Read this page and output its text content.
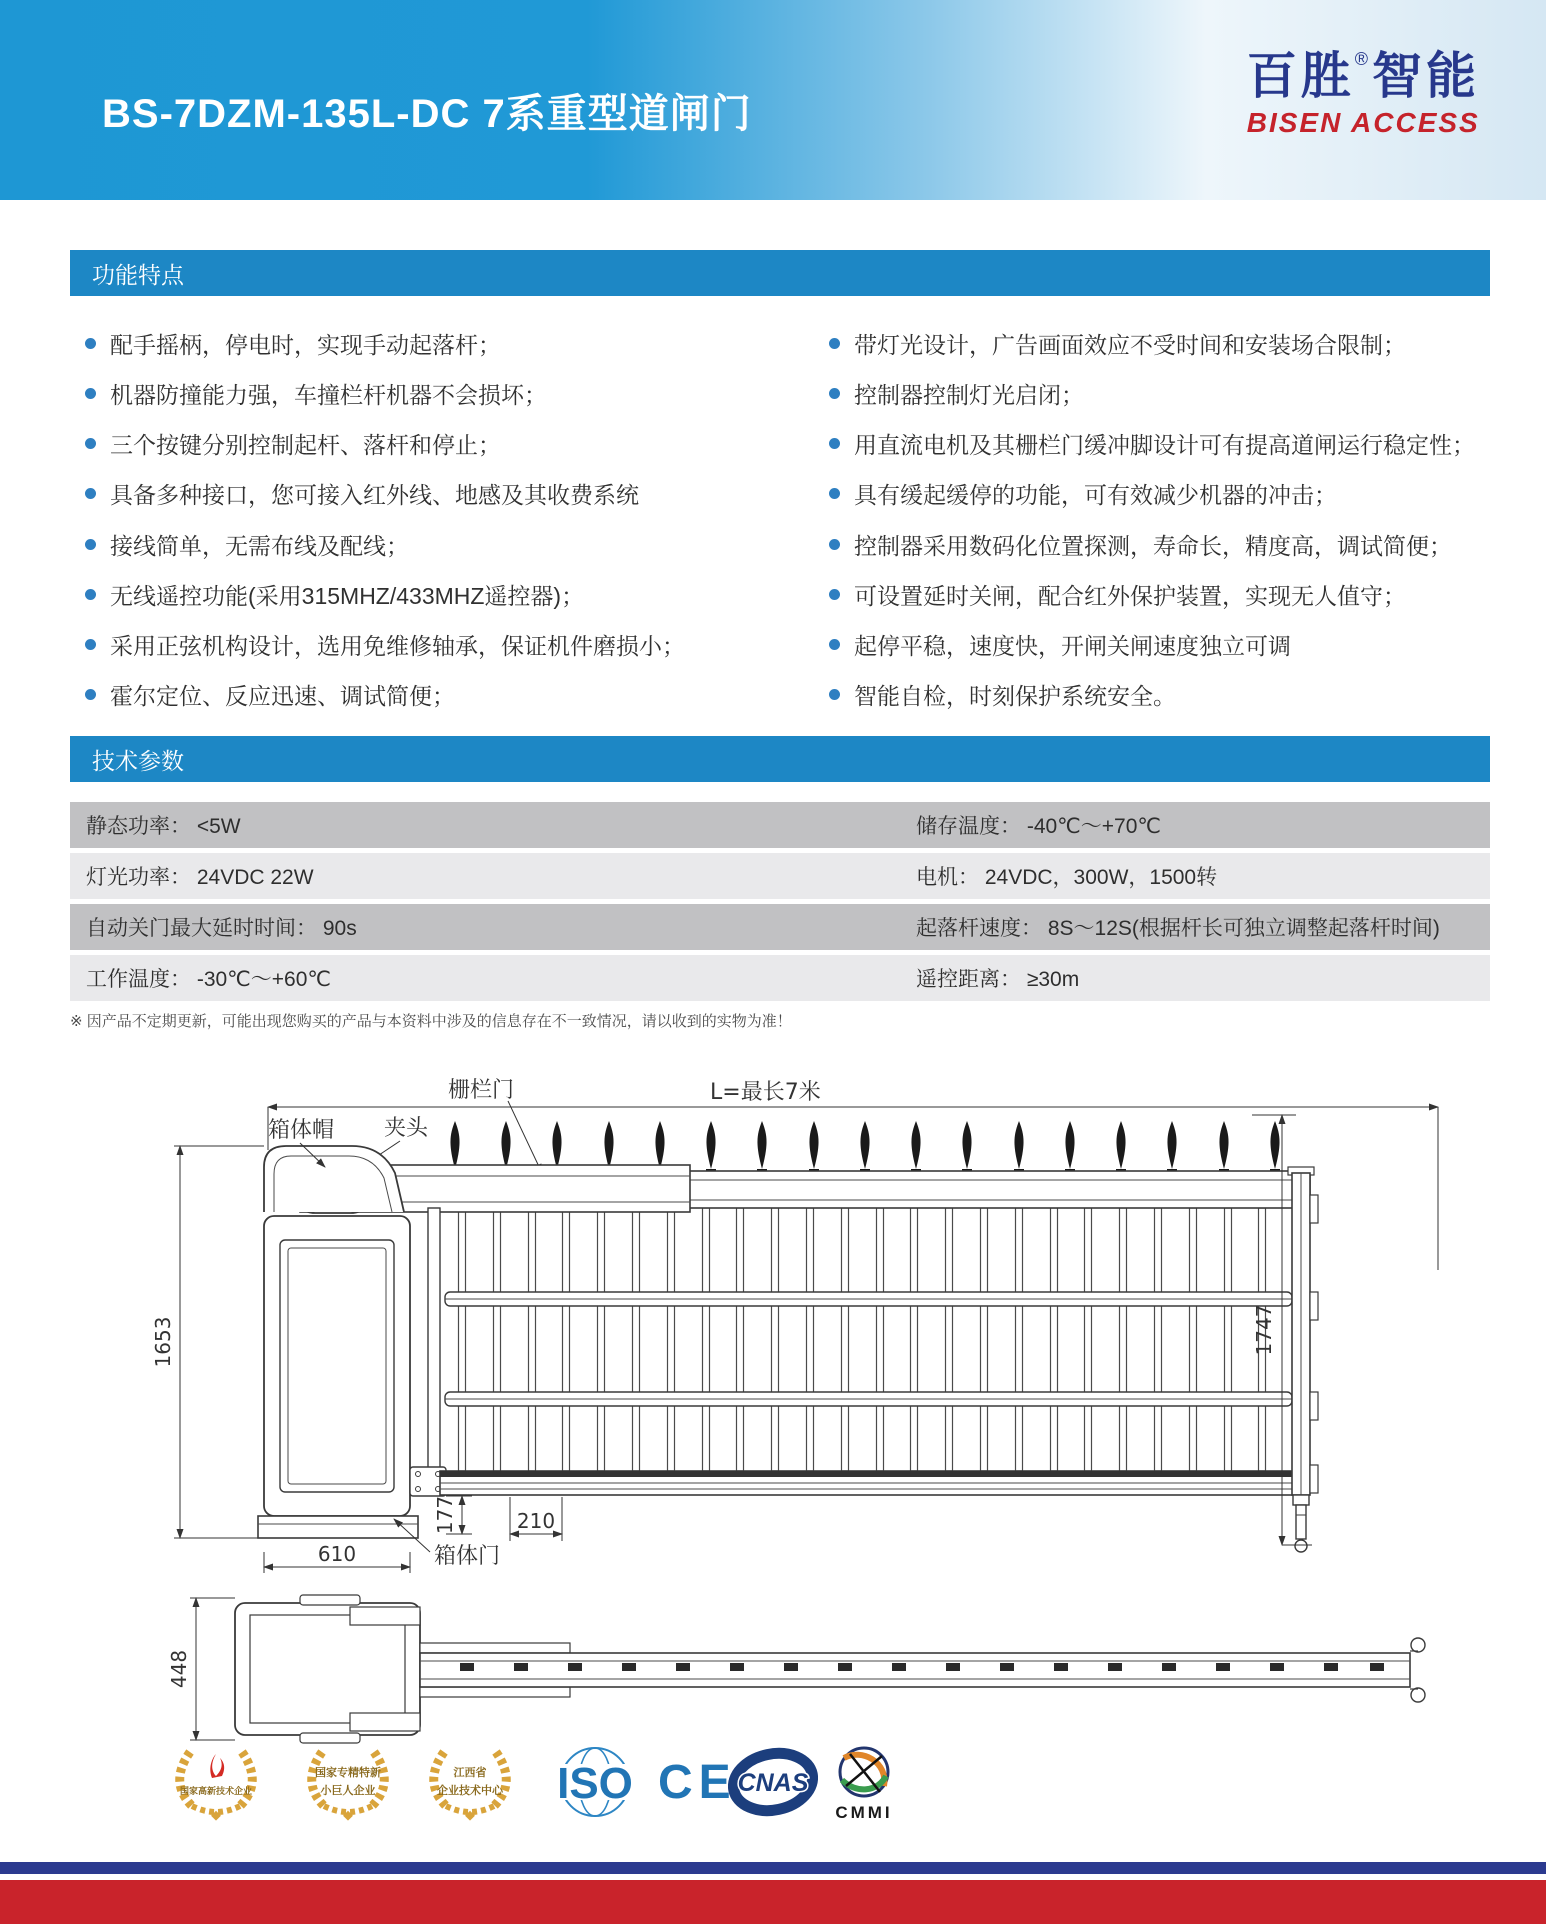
BS-7DZM-135L-DC 7系重型道闸门
百胜®智能
BISEN ACCESS
功能特点
配手摇柄，停电时，实现手动起落杆；
机器防撞能力强，车撞栏杆机器不会损坏；
三个按键分别控制起杆、落杆和停止；
具备多种接口，您可接入红外线、地感及其收费系统
接线简单，无需布线及配线；
无线遥控功能(采用315MHZ/433MHZ遥控器)；
采用正弦机构设计，选用免维修轴承，保证机件磨损小；
霍尔定位、反应迅速、调试简便；
带灯光设计，广告画面效应不受时间和安装场合限制；
控制器控制灯光启闭；
用直流电机及其栅栏门缓冲脚设计可有提高道闸运行稳定性；
具有缓起缓停的功能，可有效减少机器的冲击；
控制器采用数码化位置探测，寿命长，精度高，调试简便；
可设置延时关闸，配合红外保护装置，实现无人值守；
起停平稳，速度快，开闸关闸速度独立可调
智能自检，时刻保护系统安全。
技术参数
静态功率： <5W	储存温度： -40℃～+70℃
灯光功率： 24VDC 22W	电机： 24VDC，300W，1500转
自动关门最大延时时间： 90s	起落杆速度： 8S～12S(根据杆长可独立调整起落杆时间)
工作温度： -30℃～+60℃	遥控距离： ≥30m
※ 因产品不定期更新，可能出现您购买的产品与本资料中涉及的信息存在不一致情况，请以收到的实物为准！
L=最长7米
栅栏门
夹头
箱体帽
1653	1747
177	210
610	箱体门
448
国家高新技术企业
国家专精特新
小巨人企业
江西省
企业技术中心 ISO CE CNAS
CMMI
